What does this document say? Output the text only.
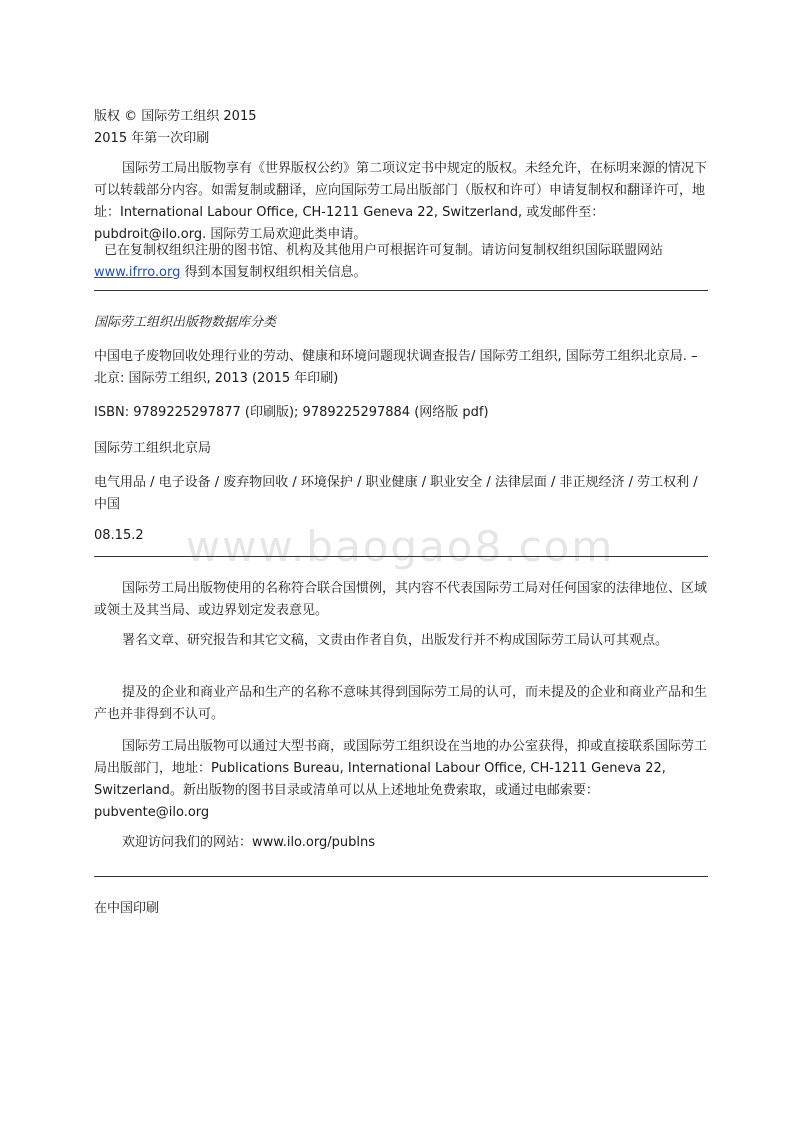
版权 © 国际劳工组织 2015
2015 年第一次印刷

国际劳工局出版物享有《世界版权公约》第二项议定书中规定的版权。未经允许，在标明来源的情况下可以转载部分内容。如需复制或翻译，应向国际劳工局出版部门（版权和许可）申请复制权和翻译许可，地址：International Labour Office, CH-1211 Geneva 22, Switzerland, 或发邮件至：pubdroit@ilo.org. 国际劳工局欢迎此类申请。

已在复制权组织注册的图书馆、机构及其他用户可根据许可复制。请访问复制权组织国际联盟网站 www.ifrro.org 得到本国复制权组织相关信息。

国际劳工组织出版物数据库分类

中国电子废物回收处理行业的劳动、健康和环境问题现状调查报告/ 国际劳工组织, 国际劳工组织北京局. – 北京: 国际劳工组织, 2013 (2015 年印刷)

ISBN: 9789225297877 (印刷版); 9789225297884 (网络版 pdf)
国际劳工组织北京局

电气用品 / 电子设备 / 废弃物回收 / 环境保护 / 职业健康 / 职业安全 / 法律层面 / 非正规经济 / 劳工权利 / 中国

08.15.2	www.baogao8.com

国际劳工局出版物使用的名称符合联合国惯例，其内容不代表国际劳工局对任何国家的法律地位、区域或领土及其当局、或边界划定发表意见。

署名文章、研究报告和其它文稿，文责由作者自负，出版发行并不构成国际劳工局认可其观点。

提及的企业和商业产品和生产的名称不意味其得到国际劳工局的认可，而未提及的企业和商业产品和生产也并非得到不认可。

国际劳工局出版物可以通过大型书商，或国际劳工组织设在当地的办公室获得，抑或直接联系国际劳工局出版部门，地址：Publications Bureau, International Labour Office, CH-1211 Geneva 22, Switzerland。新出版物的图书目录或清单可以从上述地址免费索取，或通过电邮索要：pubvente@ilo.org

欢迎访问我们的网站：www.ilo.org/publns

在中国印刷
